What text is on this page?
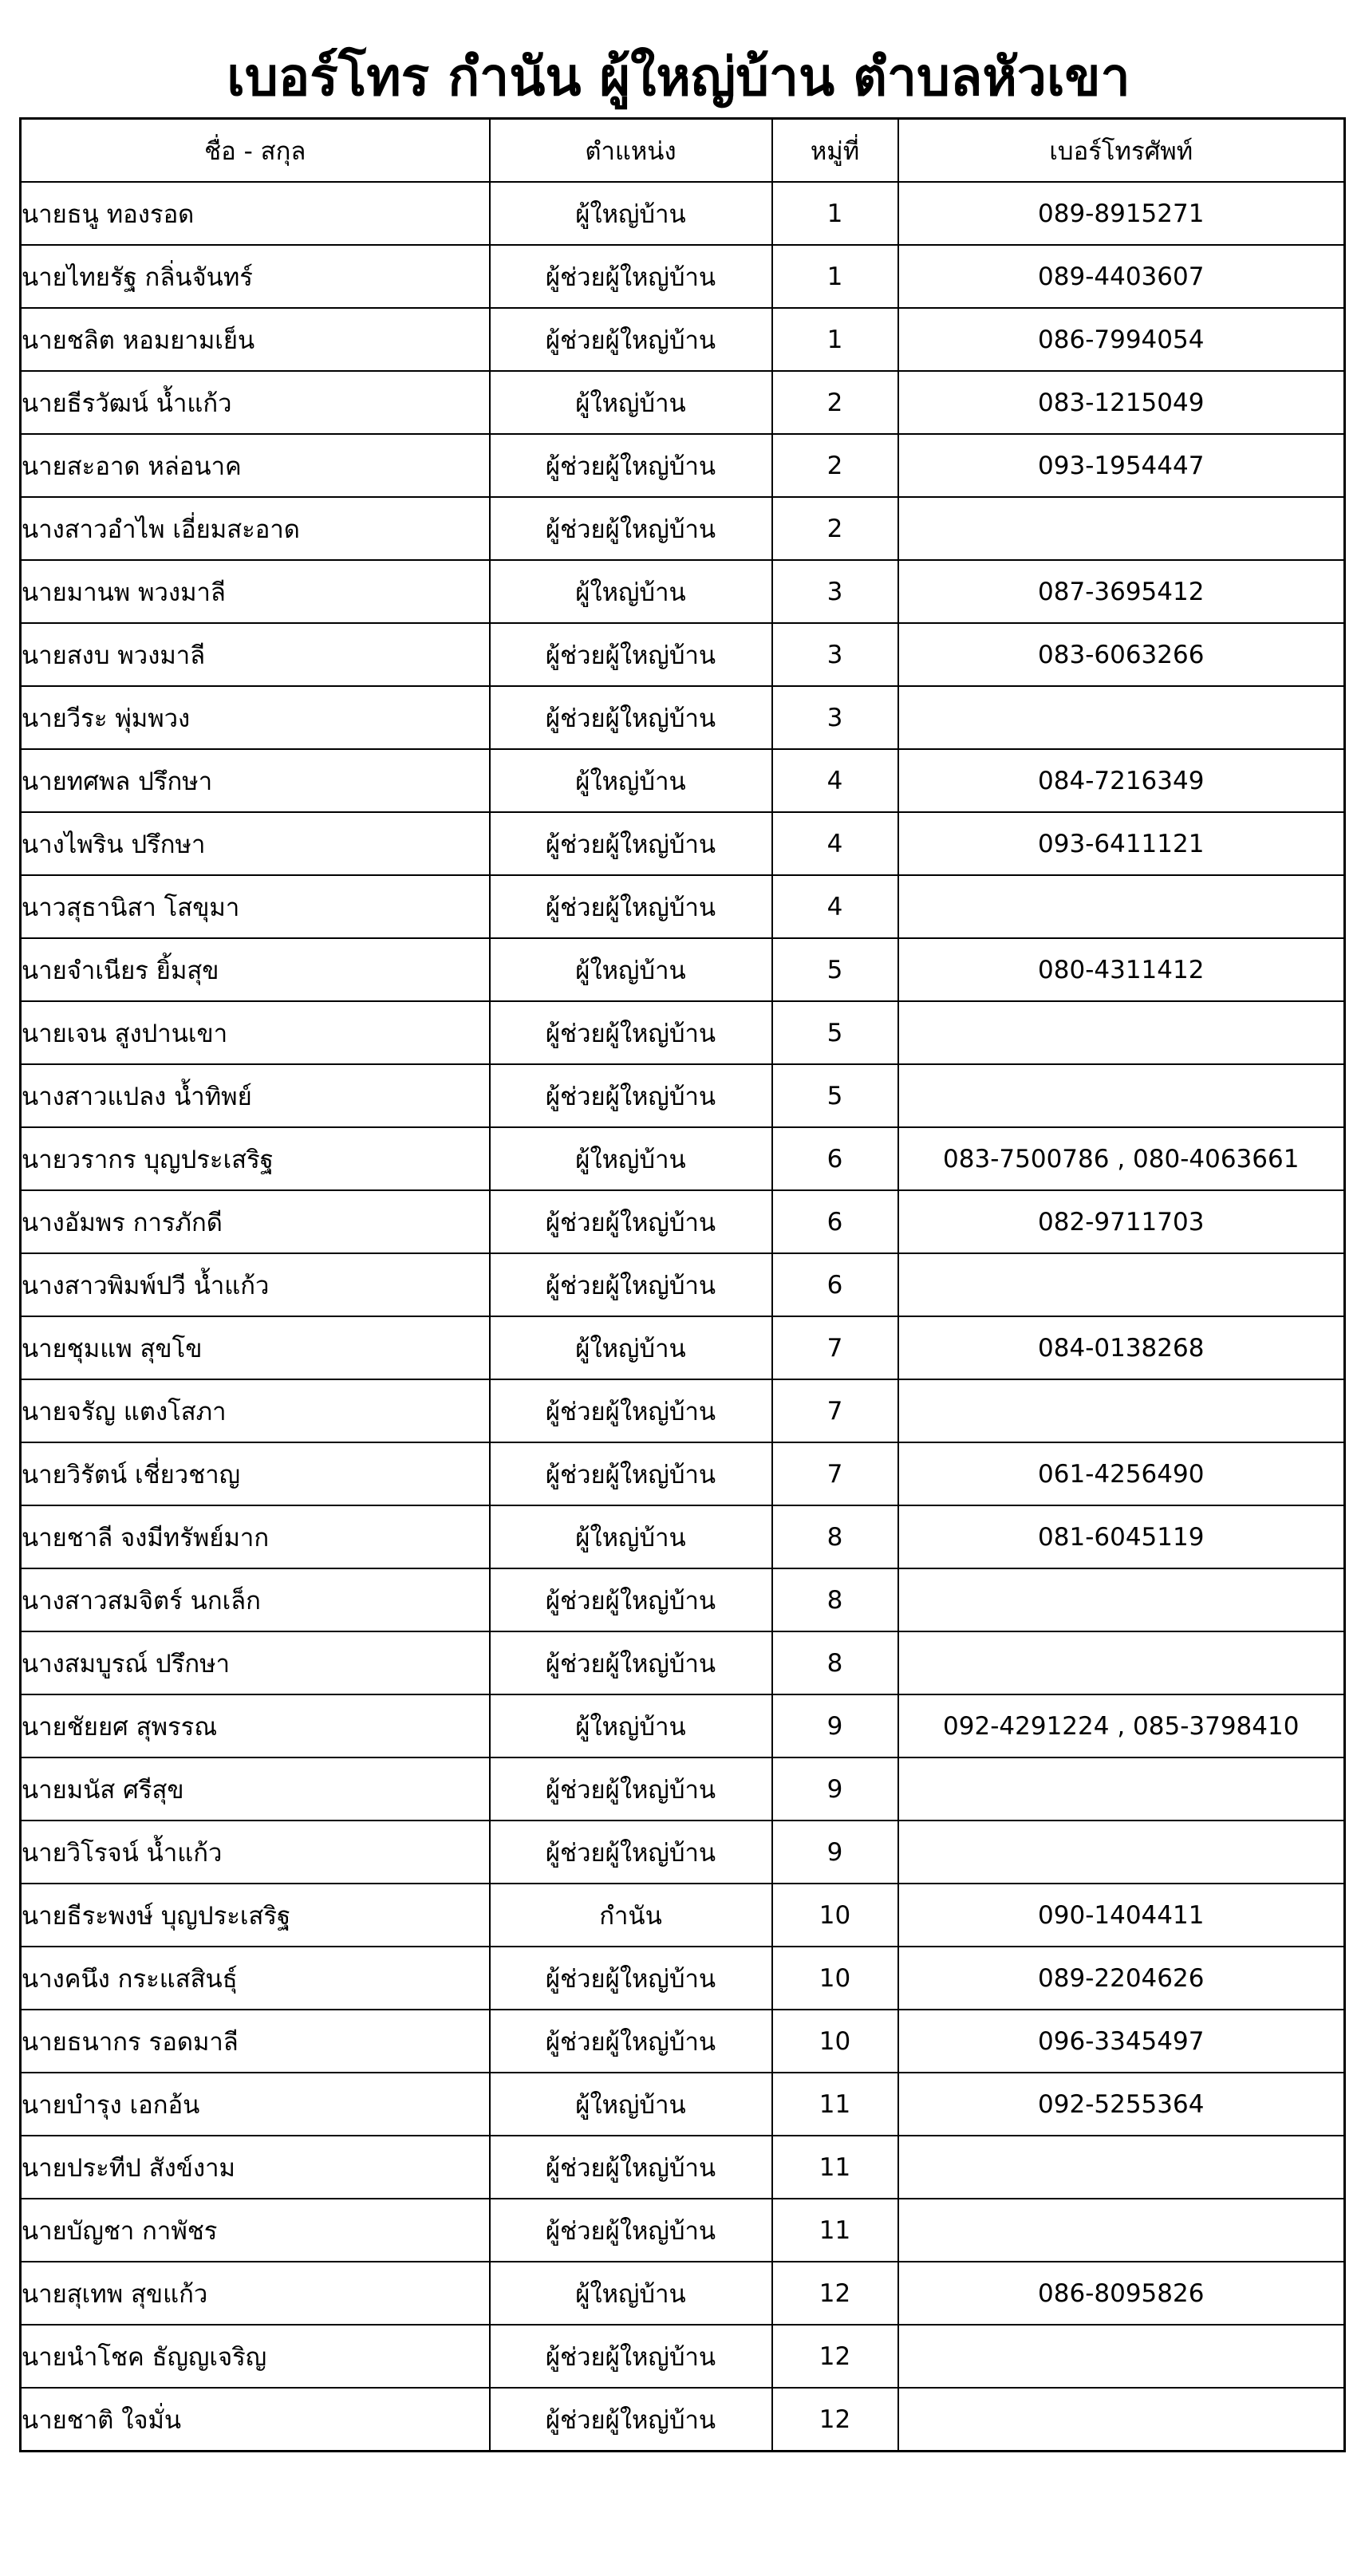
เบอร์โทร กำนัน ผู้ใหญ่บ้าน ตำบลหัวเขา
ชื่อ - สกุล	ตำแหน่ง	หมู่ที่	เบอร์โทรศัพท์
นายธนู ทองรอด	ผู้ใหญ่บ้าน	1	089-8915271
นายไทยรัฐ กลิ่นจันทร์	ผู้ช่วยผู้ใหญ่บ้าน	1	089-4403607
นายชลิต หอมยามเย็น	ผู้ช่วยผู้ใหญ่บ้าน	1	086-7994054
นายธีรวัฒน์ น้ำแก้ว	ผู้ใหญ่บ้าน	2	083-1215049
นายสะอาด หล่อนาค	ผู้ช่วยผู้ใหญ่บ้าน	2	093-1954447
นางสาวอำไพ เอี่ยมสะอาด	ผู้ช่วยผู้ใหญ่บ้าน	2	
นายมานพ พวงมาลี	ผู้ใหญ่บ้าน	3	087-3695412
นายสงบ พวงมาลี	ผู้ช่วยผู้ใหญ่บ้าน	3	083-6063266
นายวีระ พุ่มพวง	ผู้ช่วยผู้ใหญ่บ้าน	3	
นายทศพล ปรึกษา	ผู้ใหญ่บ้าน	4	084-7216349
นางไพริน ปรึกษา	ผู้ช่วยผู้ใหญ่บ้าน	4	093-6411121
นาวสุธานิสา โสขุมา	ผู้ช่วยผู้ใหญ่บ้าน	4	
นายจำเนียร ยิ้มสุข	ผู้ใหญ่บ้าน	5	080-4311412
นายเจน สูงปานเขา	ผู้ช่วยผู้ใหญ่บ้าน	5	
นางสาวแปลง น้ำทิพย์	ผู้ช่วยผู้ใหญ่บ้าน	5	
นายวรากร บุญประเสริฐ	ผู้ใหญ่บ้าน	6	083-7500786 , 080-4063661
นางอัมพร การภักดี	ผู้ช่วยผู้ใหญ่บ้าน	6	082-9711703
นางสาวพิมพ์ปวี น้ำแก้ว	ผู้ช่วยผู้ใหญ่บ้าน	6	
นายชุมแพ สุขโข	ผู้ใหญ่บ้าน	7	084-0138268
นายจรัญ แตงโสภา	ผู้ช่วยผู้ใหญ่บ้าน	7	
นายวิรัตน์ เชี่ยวชาญ	ผู้ช่วยผู้ใหญ่บ้าน	7	061-4256490
นายชาลี จงมีทรัพย์มาก	ผู้ใหญ่บ้าน	8	081-6045119
นางสาวสมจิตร์ นกเล็ก	ผู้ช่วยผู้ใหญ่บ้าน	8	
นางสมบูรณ์ ปรึกษา	ผู้ช่วยผู้ใหญ่บ้าน	8	
นายชัยยศ สุพรรณ	ผู้ใหญ่บ้าน	9	092-4291224 , 085-3798410
นายมนัส ศรีสุข	ผู้ช่วยผู้ใหญ่บ้าน	9	
นายวิโรจน์ น้ำแก้ว	ผู้ช่วยผู้ใหญ่บ้าน	9	
นายธีระพงษ์ บุญประเสริฐ	กำนัน	10	090-1404411
นางคนึง กระแสสินธุ์	ผู้ช่วยผู้ใหญ่บ้าน	10	089-2204626
นายธนากร รอดมาลี	ผู้ช่วยผู้ใหญ่บ้าน	10	096-3345497
นายบำรุง เอกอ้น	ผู้ใหญ่บ้าน	11	092-5255364
นายประทีป สังข์งาม	ผู้ช่วยผู้ใหญ่บ้าน	11	
นายบัญชา กาพัชร	ผู้ช่วยผู้ใหญ่บ้าน	11	
นายสุเทพ สุขแก้ว	ผู้ใหญ่บ้าน	12	086-8095826
นายนำโชค ธัญญเจริญ	ผู้ช่วยผู้ใหญ่บ้าน	12	
นายชาติ ใจมั่น	ผู้ช่วยผู้ใหญ่บ้าน	12	
